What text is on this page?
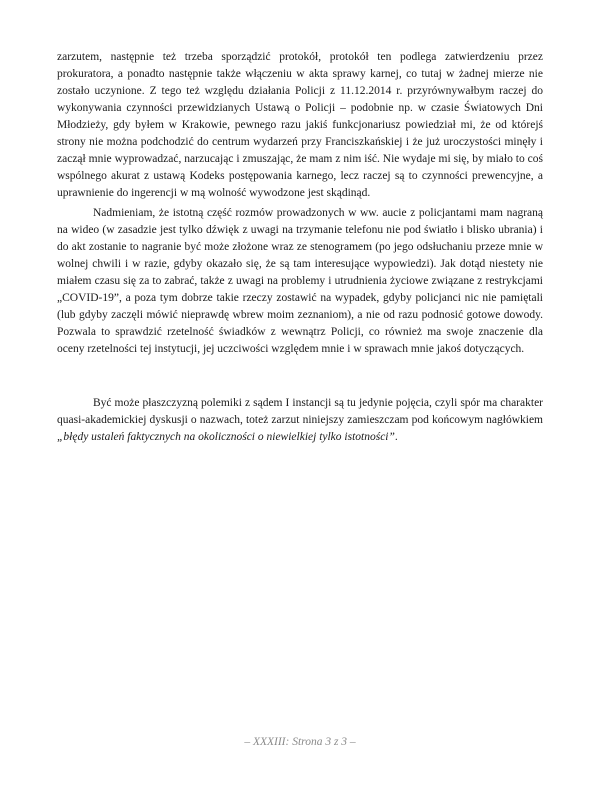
zarzutem, następnie też trzeba sporządzić protokół, protokół ten podlega zatwierdzeniu przez prokuratora, a ponadto następnie także włączeniu w akta sprawy karnej, co tutaj w żadnej mierze nie zostało uczynione. Z tego też względu działania Policji z 11.12.2014 r. przyrównywałbym raczej do wykonywania czynności przewidzianych Ustawą o Policji – podobnie np. w czasie Światowych Dni Młodzieży, gdy byłem w Krakowie, pewnego razu jakiś funkcjonariusz powiedział mi, że od którejś strony nie można podchodzić do centrum wydarzeń przy Franciszkańskiej i że już uroczystości minęły i zaczął mnie wyprowadzać, narzucając i zmuszając, że mam z nim iść. Nie wydaje mi się, by miało to coś wspólnego akurat z ustawą Kodeks postępowania karnego, lecz raczej są to czynności prewencyjne, a uprawnienie do ingerencji w mą wolność wywodzone jest skądinąd.

Nadmieniam, że istotną część rozmów prowadzonych w ww. aucie z policjantami mam nagraną na wideo (w zasadzie jest tylko dźwięk z uwagi na trzymanie telefonu nie pod światło i blisko ubrania) i do akt zostanie to nagranie być może złożone wraz ze stenogramem (po jego odsłuchaniu przeze mnie w wolnej chwili i w razie, gdyby okazało się, że są tam interesujące wypowiedzi). Jak dotąd niestety nie miałem czasu się za to zabrać, także z uwagi na problemy i utrudnienia życiowe związane z restrykcjami „COVID-19”, a poza tym dobrze takie rzeczy zostawić na wypadek, gdyby policjanci nic nie pamiętali (lub gdyby zaczęli mówić nieprawdę wbrew moim zeznaniom), a nie od razu podnosić gotowe dowody. Pozwala to sprawdzić rzetelność świadków z wewnątrz Policji, co również ma swoje znaczenie dla oceny rzetelności tej instytucji, jej uczciwości względem mnie i w sprawach mnie jakoś dotyczących.

Być może płaszczyzną polemiki z sądem I instancji są tu jedynie pojęcia, czyli spór ma charakter quasi-akademickiej dyskusji o nazwach, toteż zarzut niniejszy zamieszczam pod końcowym nagłówkiem „błędy ustaleń faktycznych na okoliczności o niewielkiej tylko istotności”.

– XXXIII: Strona 3 z 3 –
